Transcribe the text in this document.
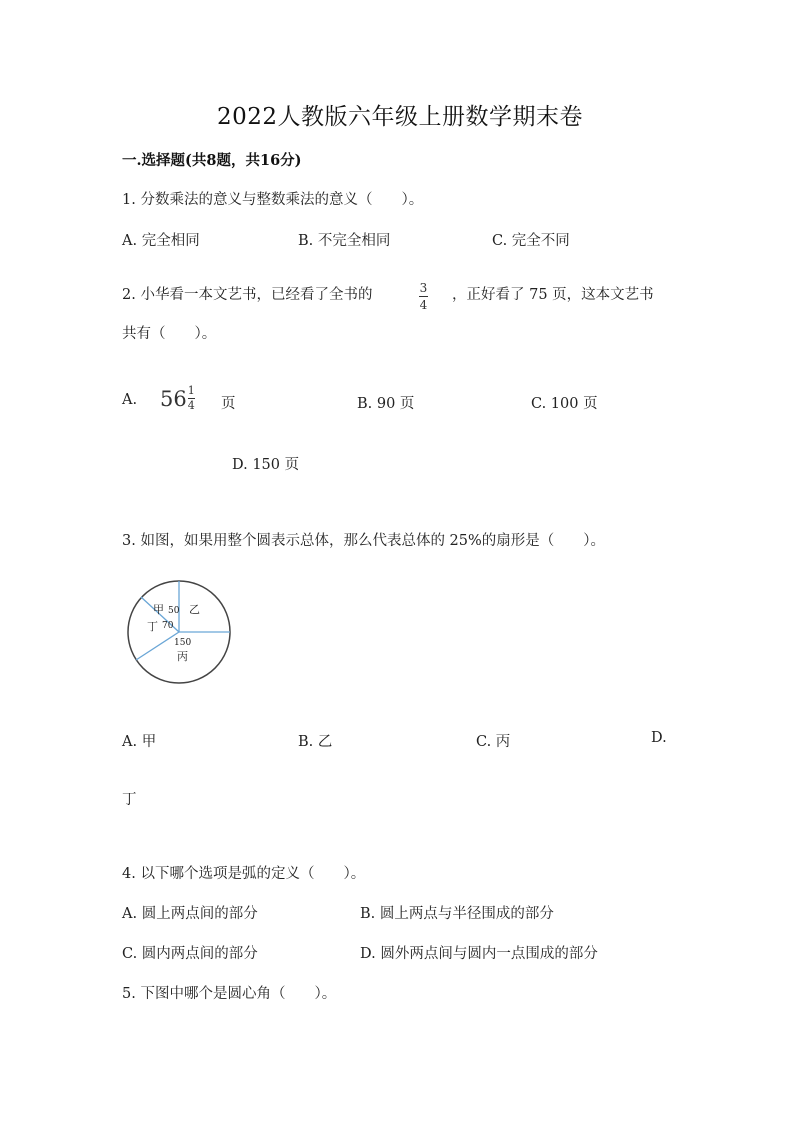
2022人教版六年级上册数学期末卷
一.选择题(共8题，共16分)
1. 分数乘法的意义与整数乘法的意义（　　）。
A. 完全相同	B. 不完全相同	C. 完全不同
2. 小华看一本文艺书，已经看了全书的	$\frac{3}{4}$ ，正好看了 75 页，这本文艺书
共有（　　）。
A. $56 \frac{1}{4}$ 页	B. 90 页	C. 100 页
D. 150 页
3. 如图，如果用整个圆表示总体，那么代表总体的 25%的扇形是（　　）。
甲 50 乙
丁 70
150
丙
A. 甲	B. 乙	C. 丙	D.
丁
4. 以下哪个选项是弧的定义（　　）。
A. 圆上两点间的部分	B. 圆上两点与半径围成的部分
C. 圆内两点间的部分	D. 圆外两点间与圆内一点围成的部分
5. 下图中哪个是圆心角（　　）。
